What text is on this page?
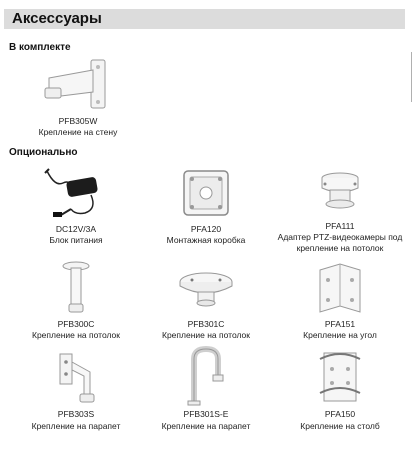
Аксессуары
В комплекте
Опционально
PFB305W
Крепление на стену
DC12V/3A
Блок питания
PFA120
Монтажная коробка
PFA111
Адаптер PTZ-видеокамеры под крепление на потолок
PFB300C
Крепление на потолок
PFB301C
Крепление на потолок
PFA151
Крепление на угол
PFB303S
Крепление на парапет
PFB301S-E
Крепление на парапет
PFA150
Крепление на столб
